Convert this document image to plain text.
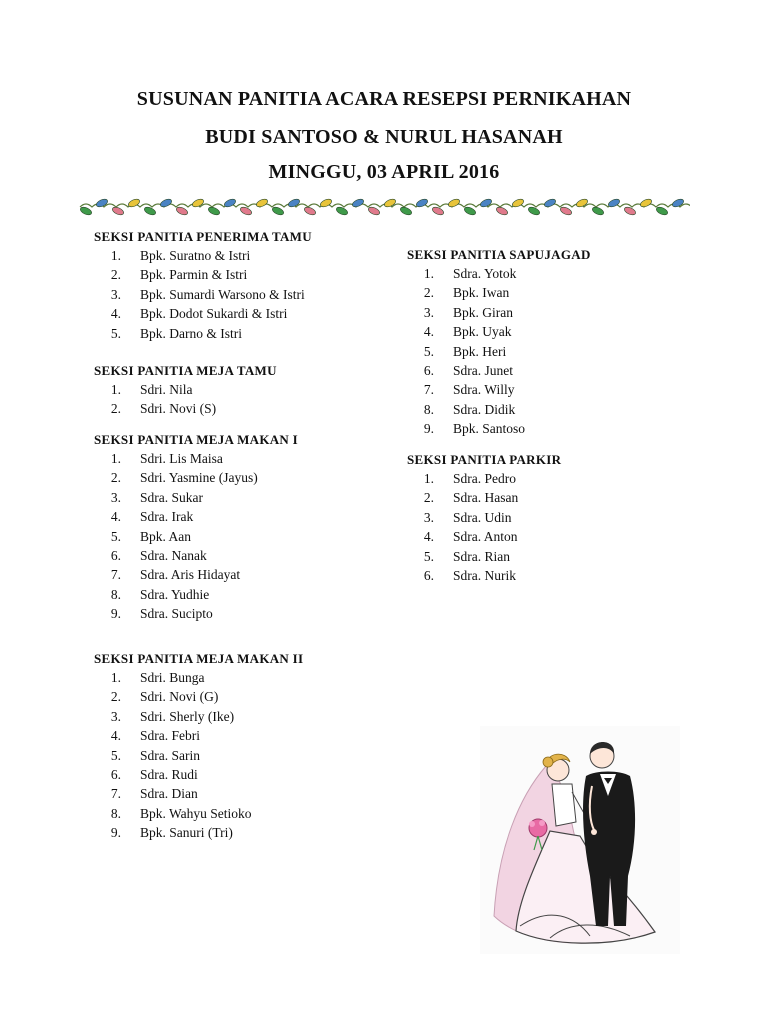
SUSUNAN PANITIA ACARA RESEPSI PERNIKAHAN
BUDI SANTOSO & NURUL HASANAH
MINGGU, 03 APRIL 2016

SEKSI PANITIA PENERIMA TAMU

1. Bpk. Suratno & Istri
2. Bpk. Parmin & Istri
3. Bpk. Sumardi Warsono & Istri
4. Bpk. Dodot Sukardi & Istri
5. Bpk. Darno & Istri

SEKSI PANITIA MEJA TAMU

1. Sdri. Nila
2. Sdri. Novi (S)

SEKSI PANITIA MEJA MAKAN I

1. Sdri. Lis Maisa
2. Sdri. Yasmine (Jayus)
3. Sdra. Sukar
4. Sdra. Irak
5. Bpk. Aan
6. Sdra. Nanak
7. Sdra. Aris Hidayat
8. Sdra. Yudhie
9. Sdra. Sucipto

SEKSI PANITIA MEJA MAKAN II

1. Sdri. Bunga
2. Sdri. Novi (G)
3. Sdri. Sherly (Ike)
4. Sdra. Febri
5. Sdra. Sarin
6. Sdra. Rudi
7. Sdra. Dian
8. Bpk. Wahyu Setioko
9. Bpk. Sanuri (Tri)

SEKSI PANITIA SAPUJAGAD

1. Sdra. Yotok
2. Bpk. Iwan
3. Bpk. Giran
4. Bpk. Uyak
5. Bpk. Heri
6. Sdra. Junet
7. Sdra. Willy
8. Sdra. Didik
9. Bpk. Santoso

SEKSI PANITIA PARKIR

1. Sdra. Pedro
2. Sdra. Hasan
3. Sdra. Udin
4. Sdra. Anton
5. Sdra. Rian
6. Sdra. Nurik
